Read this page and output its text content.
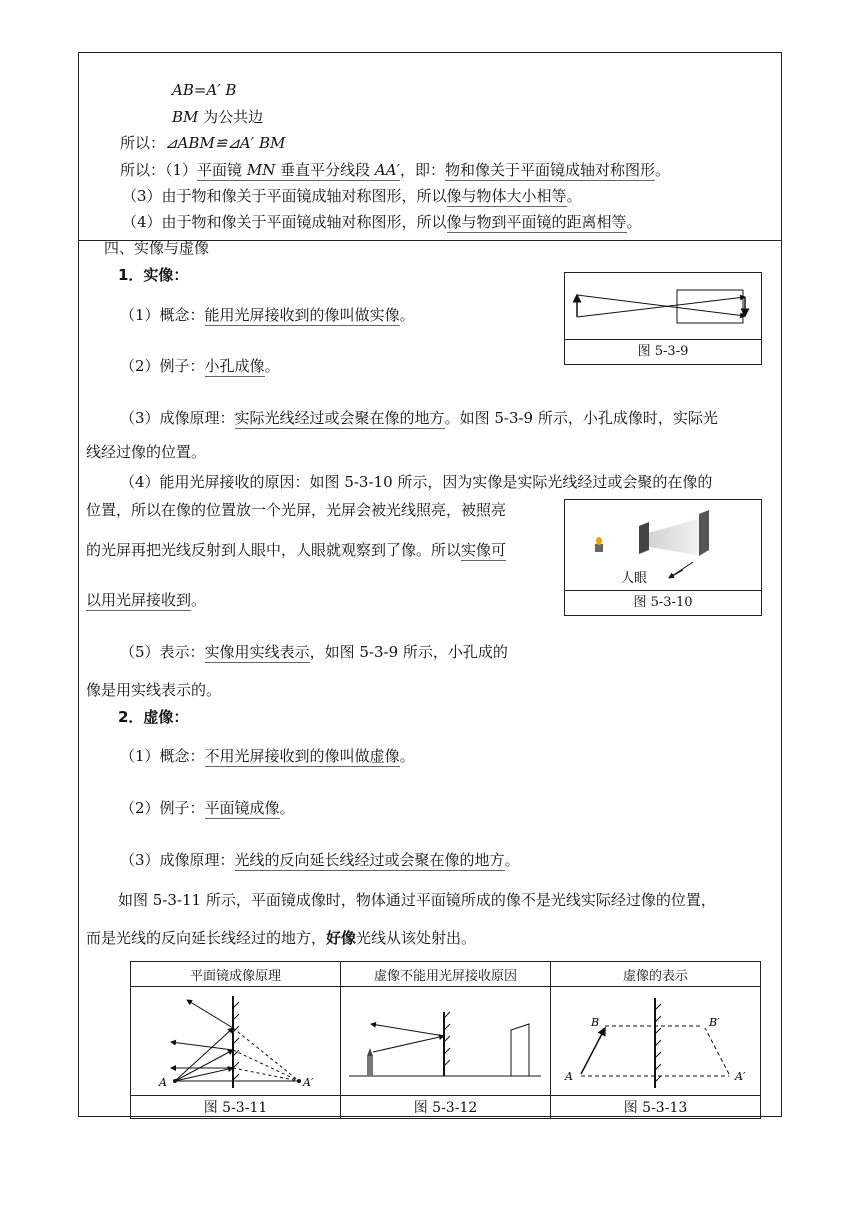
AB=A′ B
BM 为公共边
所以：⊿ABM≌⊿A′ BM
所以：（1）平面镜 MN 垂直平分线段 AA′，即：物和像关于平面镜成轴对称图形。
（3）由于物和像关于平面镜成轴对称图形，所以像与物体大小相等。
（4）由于物和像关于平面镜成轴对称图形，所以像与物到平面镜的距离相等。
四、实像与虚像
1．实像：
（1）概念：能用光屏接收到的像叫做实像。
（2）例子：小孔成像。
（3）成像原理：实际光线经过或会聚在像的地方。如图 5-3-9 所示，小孔成像时，实际光
线经过像的位置。
（4）能用光屏接收的原因：如图 5-3-10 所示，因为实像是实际光线经过或会聚的在像的
位置，所以在像的位置放一个光屏，光屏会被光线照亮，被照亮
的光屏再把光线反射到人眼中，人眼就观察到了像。所以实像可
以用光屏接收到。
（5）表示：实像用实线表示，如图 5-3-9 所示，小孔成的
像是用实线表示的。
2．虚像：
（1）概念：不用光屏接收到的像叫做虚像。
（2）例子：平面镜成像。
（3）成像原理：光线的反向延长线经过或会聚在像的地方。
如图 5-3-11 所示，平面镜成像时，物体通过平面镜所成的像不是光线实际经过像的位置，
而是光线的反向延长线经过的地方，好像光线从该处射出。
图 5-3-9
人眼
图 5-3-10
平面镜成像原理	虚像不能用光屏接收原因	虚像的表示

A A′		B
A
B′
A′

图 5-3-11	图 5-3-12	图 5-3-13
